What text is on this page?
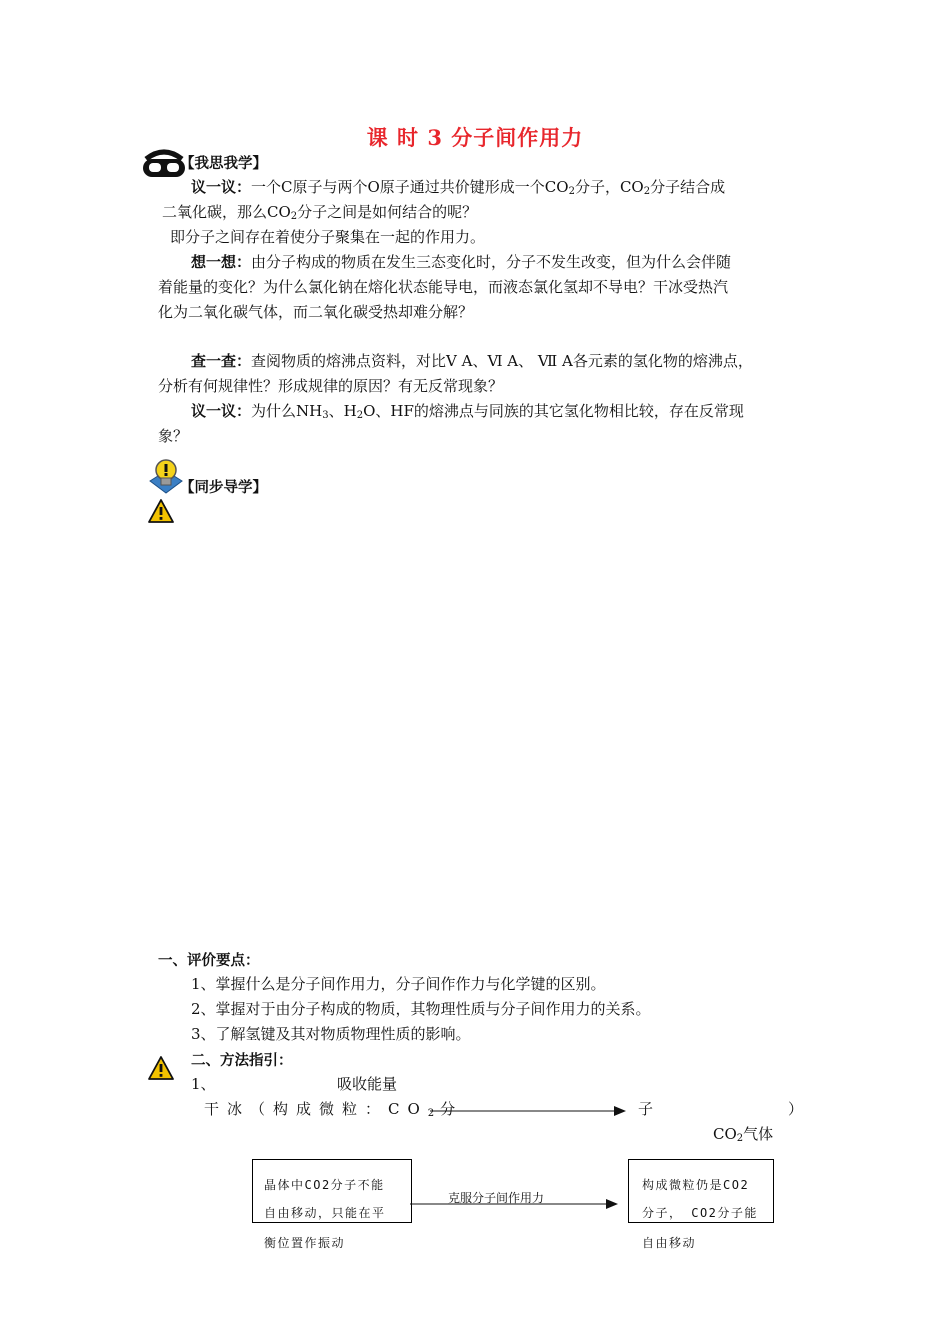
课 时 3 分子间作用力
【我思我学】
议一议：一个C原子与两个O原子通过共价键形成一个$CO_2$分子，$CO_2$分子结合成
二氧化碳，那么$CO_2$分子之间是如何结合的呢？
即分子之间存在着使分子聚集在一起的作用力。
想一想：由分子构成的物质在发生三态变化时，分子不发生改变，但为什么会伴随
着能量的变化？为什么氯化钠在熔化状态能导电，而液态氯化氢却不导电？干冰受热汽
化为二氧化碳气体，而二氧化碳受热却难分解？
查一查：查阅物质的熔沸点资料，对比Ⅴ A、Ⅵ A、 Ⅶ A各元素的氢化物的熔沸点，
分析有何规律性？形成规律的原因？有无反常现象？
议一议：为什么$NH_3$、$H_2O$、HF的熔沸点与同族的其它氢化物相比较，存在反常现
象？
【同步导学】
一、评价要点：
1、掌握什么是分子间作用力，分子间作作力与化学键的区别。
2、掌握对于由分子构成的物质，其物理性质与分子间作用力的关系。
3、了解氢键及其对物质物理性质的影响。
二、方法指引：
1、	吸收能量
干冰（构成微粒：$CO_2$ 分	子	）
$CO_2$气体
晶体中CO2分子不能
自由移动，只能在平
衡位置作振动
克服分子间作用力
构成微粒仍是CO2
分子， CO2分子能
自由移动
